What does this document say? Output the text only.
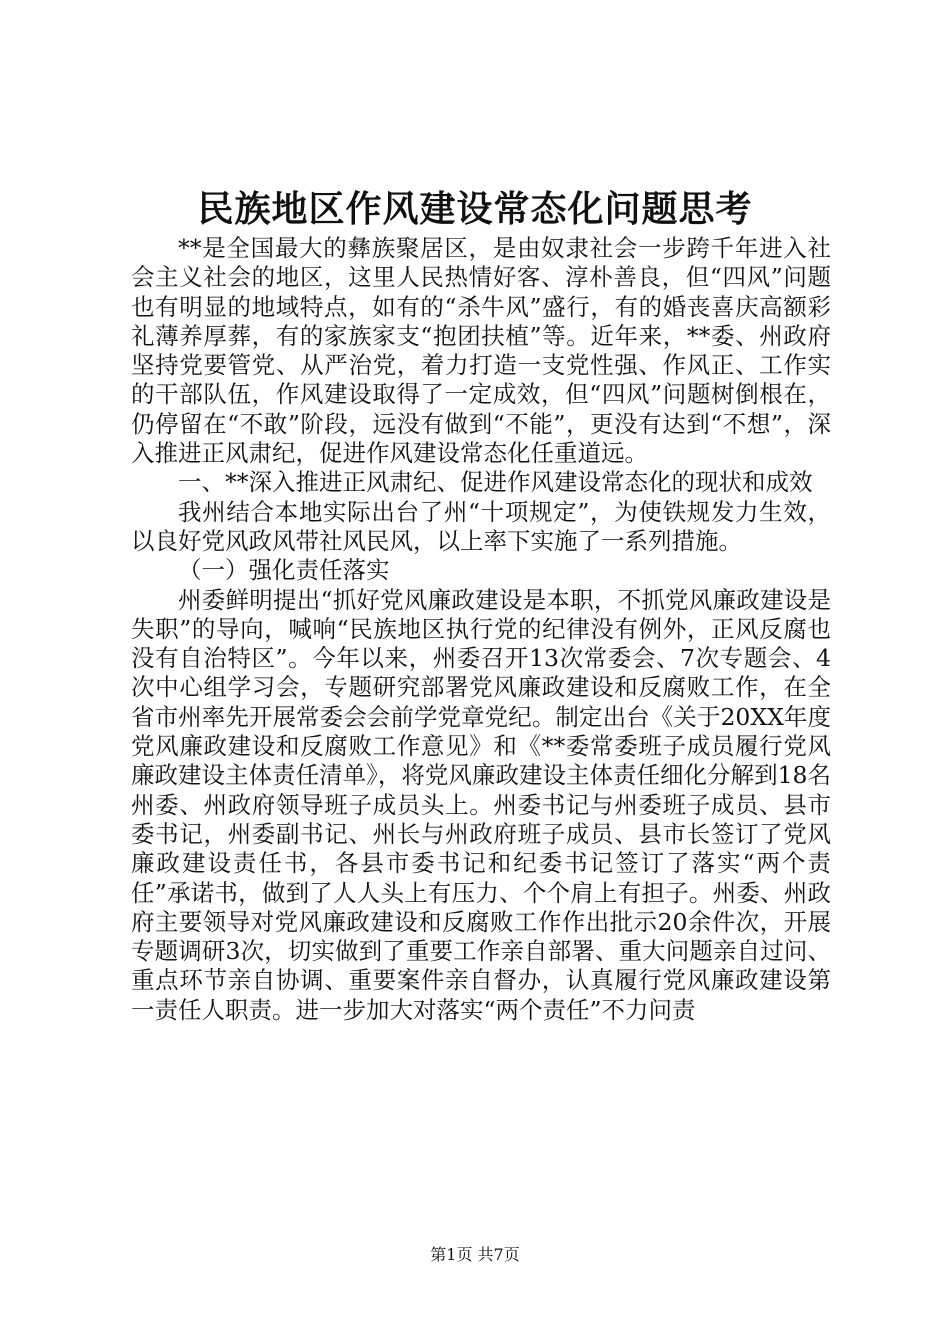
民族地区作风建设常态化问题思考

**是全国最大的彝族聚居区，是由奴隶社会一步跨千年进入社会主义社会的地区，这里人民热情好客、淳朴善良，但“四风”问题也有明显的地域特点，如有的“杀牛风”盛行，有的婚丧喜庆高额彩礼薄养厚葬，有的家族家支“抱团扶植”等。近年来，**委、州政府坚持党要管党、从严治党，着力打造一支党性强、作风正、工作实的干部队伍，作风建设取得了一定成效，但“四风”问题树倒根在，仍停留在“不敢”阶段，远没有做到“不能”，更没有达到“不想”，深入推进正风肃纪，促进作风建设常态化任重道远。

一、**深入推进正风肃纪、促进作风建设常态化的现状和成效

我州结合本地实际出台了州“十项规定”，为使铁规发力生效，以良好党风政风带社风民风，以上率下实施了一系列措施。

（一）强化责任落实

州委鲜明提出“抓好党风廉政建设是本职，不抓党风廉政建设是失职”的导向，喊响“民族地区执行党的纪律没有例外，正风反腐也没有自治特区”。今年以来，州委召开13次常委会、7次专题会、4次中心组学习会，专题研究部署党风廉政建设和反腐败工作，在全省市州率先开展常委会会前学党章党纪。制定出台《关于20XX年度党风廉政建设和反腐败工作意见》和《**委常委班子成员履行党风廉政建设主体责任清单》，将党风廉政建设主体责任细化分解到18名州委、州政府领导班子成员头上。州委书记与州委班子成员、县市委书记，州委副书记、州长与州政府班子成员、县市长签订了党风廉政建设责任书，各县市委书记和纪委书记签订了落实“两个责任”承诺书，做到了人人头上有压力、个个肩上有担子。州委、州政府主要领导对党风廉政建设和反腐败工作作出批示20余件次，开展专题调研3次，切实做到了重要工作亲自部署、重大问题亲自过问、重点环节亲自协调、重要案件亲自督办，认真履行党风廉政建设第一责任人职责。进一步加大对落实“两个责任”不力问责

第1页 共7页
